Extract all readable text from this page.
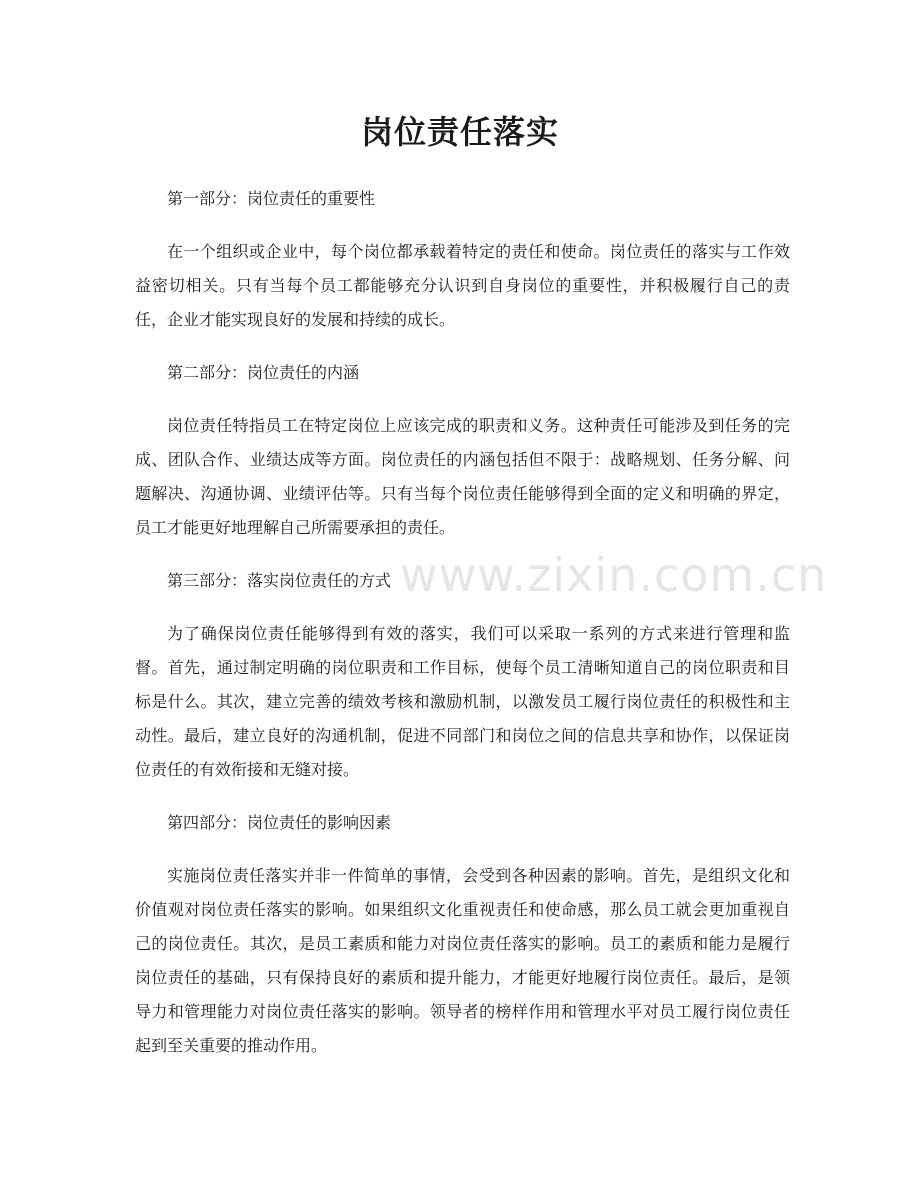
岗位责任落实

第一部分：岗位责任的重要性

在一个组织或企业中，每个岗位都承载着特定的责任和使命。岗位责任的落实与工作效益密切相关。只有当每个员工都能够充分认识到自身岗位的重要性，并积极履行自己的责任，企业才能实现良好的发展和持续的成长。

第二部分：岗位责任的内涵

岗位责任特指员工在特定岗位上应该完成的职责和义务。这种责任可能涉及到任务的完成、团队合作、业绩达成等方面。岗位责任的内涵包括但不限于：战略规划、任务分解、问题解决、沟通协调、业绩评估等。只有当每个岗位责任能够得到全面的定义和明确的界定，员工才能更好地理解自己所需要承担的责任。

第三部分：落实岗位责任的方式

为了确保岗位责任能够得到有效的落实，我们可以采取一系列的方式来进行管理和监督。首先，通过制定明确的岗位职责和工作目标，使每个员工清晰知道自己的岗位职责和目标是什么。其次，建立完善的绩效考核和激励机制，以激发员工履行岗位责任的积极性和主动性。最后，建立良好的沟通机制，促进不同部门和岗位之间的信息共享和协作，以保证岗位责任的有效衔接和无缝对接。

第四部分：岗位责任的影响因素

实施岗位责任落实并非一件简单的事情，会受到各种因素的影响。首先，是组织文化和价值观对岗位责任落实的影响。如果组织文化重视责任和使命感，那么员工就会更加重视自己的岗位责任。其次，是员工素质和能力对岗位责任落实的影响。员工的素质和能力是履行岗位责任的基础，只有保持良好的素质和提升能力，才能更好地履行岗位责任。最后，是领导力和管理能力对岗位责任落实的影响。领导者的榜样作用和管理水平对员工履行岗位责任起到至关重要的推动作用。

www.zixin.com.cn
